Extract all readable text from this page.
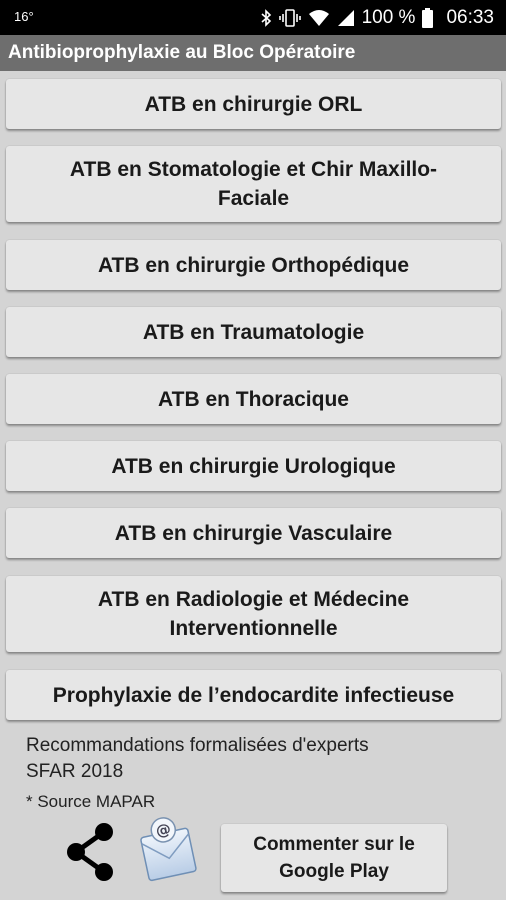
16°	100 % 06:33
Antibioprophylaxie au Bloc Opératoire
ATB en chirurgie ORL
ATB en Stomatologie et Chir Maxillo-Faciale
ATB en chirurgie Orthopédique
ATB en Traumatologie
ATB en Thoracique
ATB en chirurgie Urologique
ATB en chirurgie Vasculaire
ATB en Radiologie et Médecine Interventionnelle
Prophylaxie de l’endocardite infectieuse
Recommandations formalisées d'experts
SFAR 2018
* Source MAPAR
@
Commenter sur le Google Play
